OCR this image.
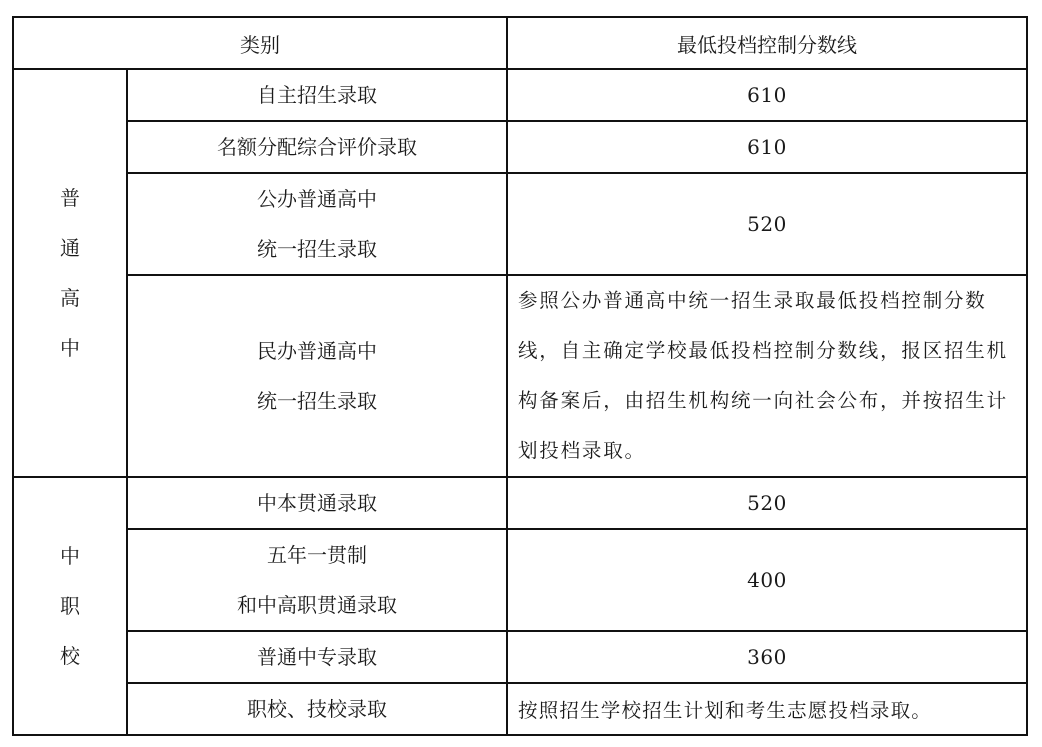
类别		最低投档控制分数线

普
通
高
中	自主招生录取	610
	名额分配综合评价录取	610

	公办普通高中
统一招生录取	520

	民办普通高中
统一招生录取	参照公办普通高中统一招生录取最低投档控制分数线，自主确定学校最低投档控制分数线，报区招生机构备案后，由招生机构统一向社会公布，并按招生计划投档录取。

中
职
校	中本贯通录取	520

	五年一贯制
和中高职贯通录取	400
	普通中专录取	360
	职校、技校录取	按照招生学校招生计划和考生志愿投档录取。
